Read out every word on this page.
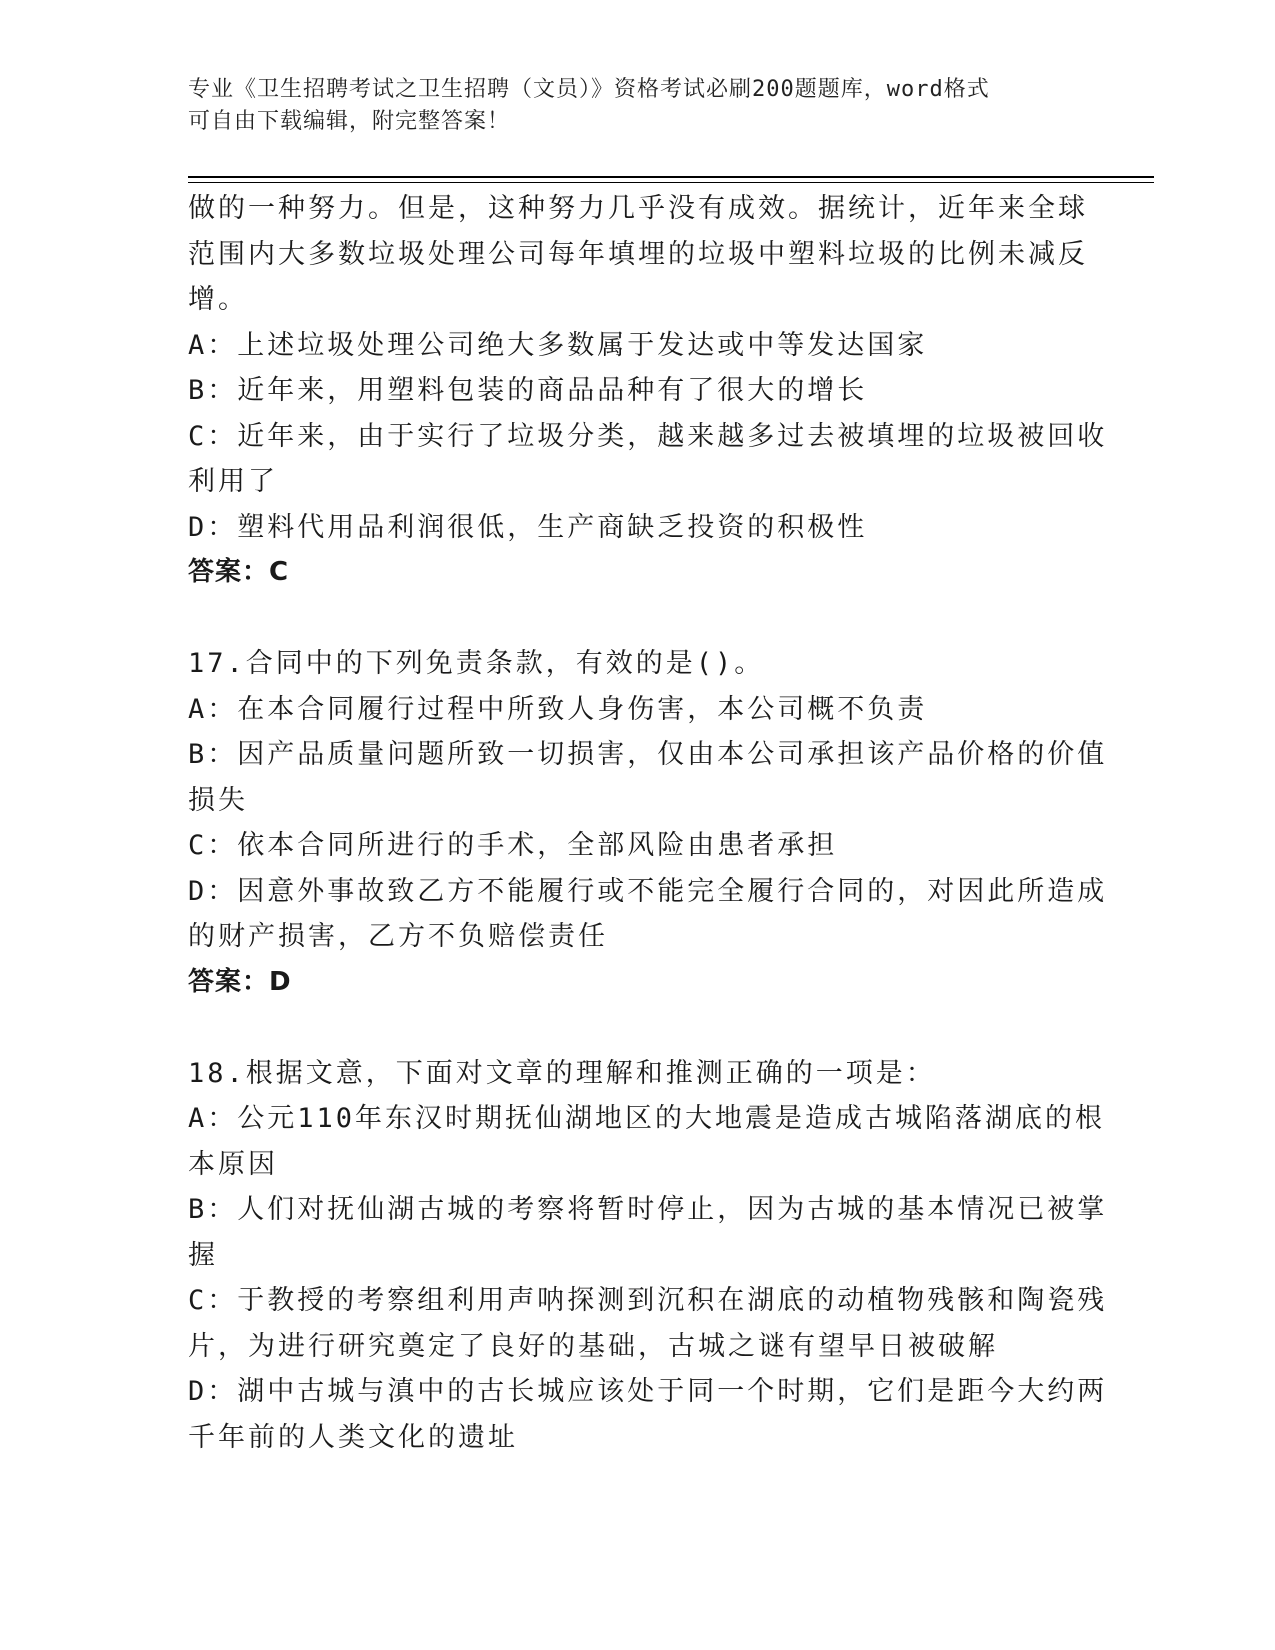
专业《卫生招聘考试之卫生招聘（文员）》资格考试必刷200题题库，word格式
可自由下载编辑，附完整答案！
做的一种努力。但是，这种努力几乎没有成效。据统计，近年来全球
范围内大多数垃圾处理公司每年填埋的垃圾中塑料垃圾的比例未减反
增。
A：上述垃圾处理公司绝大多数属于发达或中等发达国家
B：近年来，用塑料包装的商品品种有了很大的增长
C：近年来，由于实行了垃圾分类，越来越多过去被填埋的垃圾被回收
利用了
D：塑料代用品利润很低，生产商缺乏投资的积极性
答案：C
17.合同中的下列免责条款，有效的是()。
A：在本合同履行过程中所致人身伤害，本公司概不负责
B：因产品质量问题所致一切损害，仅由本公司承担该产品价格的价值
损失
C：依本合同所进行的手术，全部风险由患者承担
D：因意外事故致乙方不能履行或不能完全履行合同的，对因此所造成
的财产损害，乙方不负赔偿责任
答案：D
18.根据文意，下面对文章的理解和推测正确的一项是：
A：公元110年东汉时期抚仙湖地区的大地震是造成古城陷落湖底的根
本原因
B：人们对抚仙湖古城的考察将暂时停止，因为古城的基本情况已被掌
握
C：于教授的考察组利用声呐探测到沉积在湖底的动植物残骸和陶瓷残
片，为进行研究奠定了良好的基础，古城之谜有望早日被破解
D：湖中古城与滇中的古长城应该处于同一个时期，它们是距今大约两
千年前的人类文化的遗址
